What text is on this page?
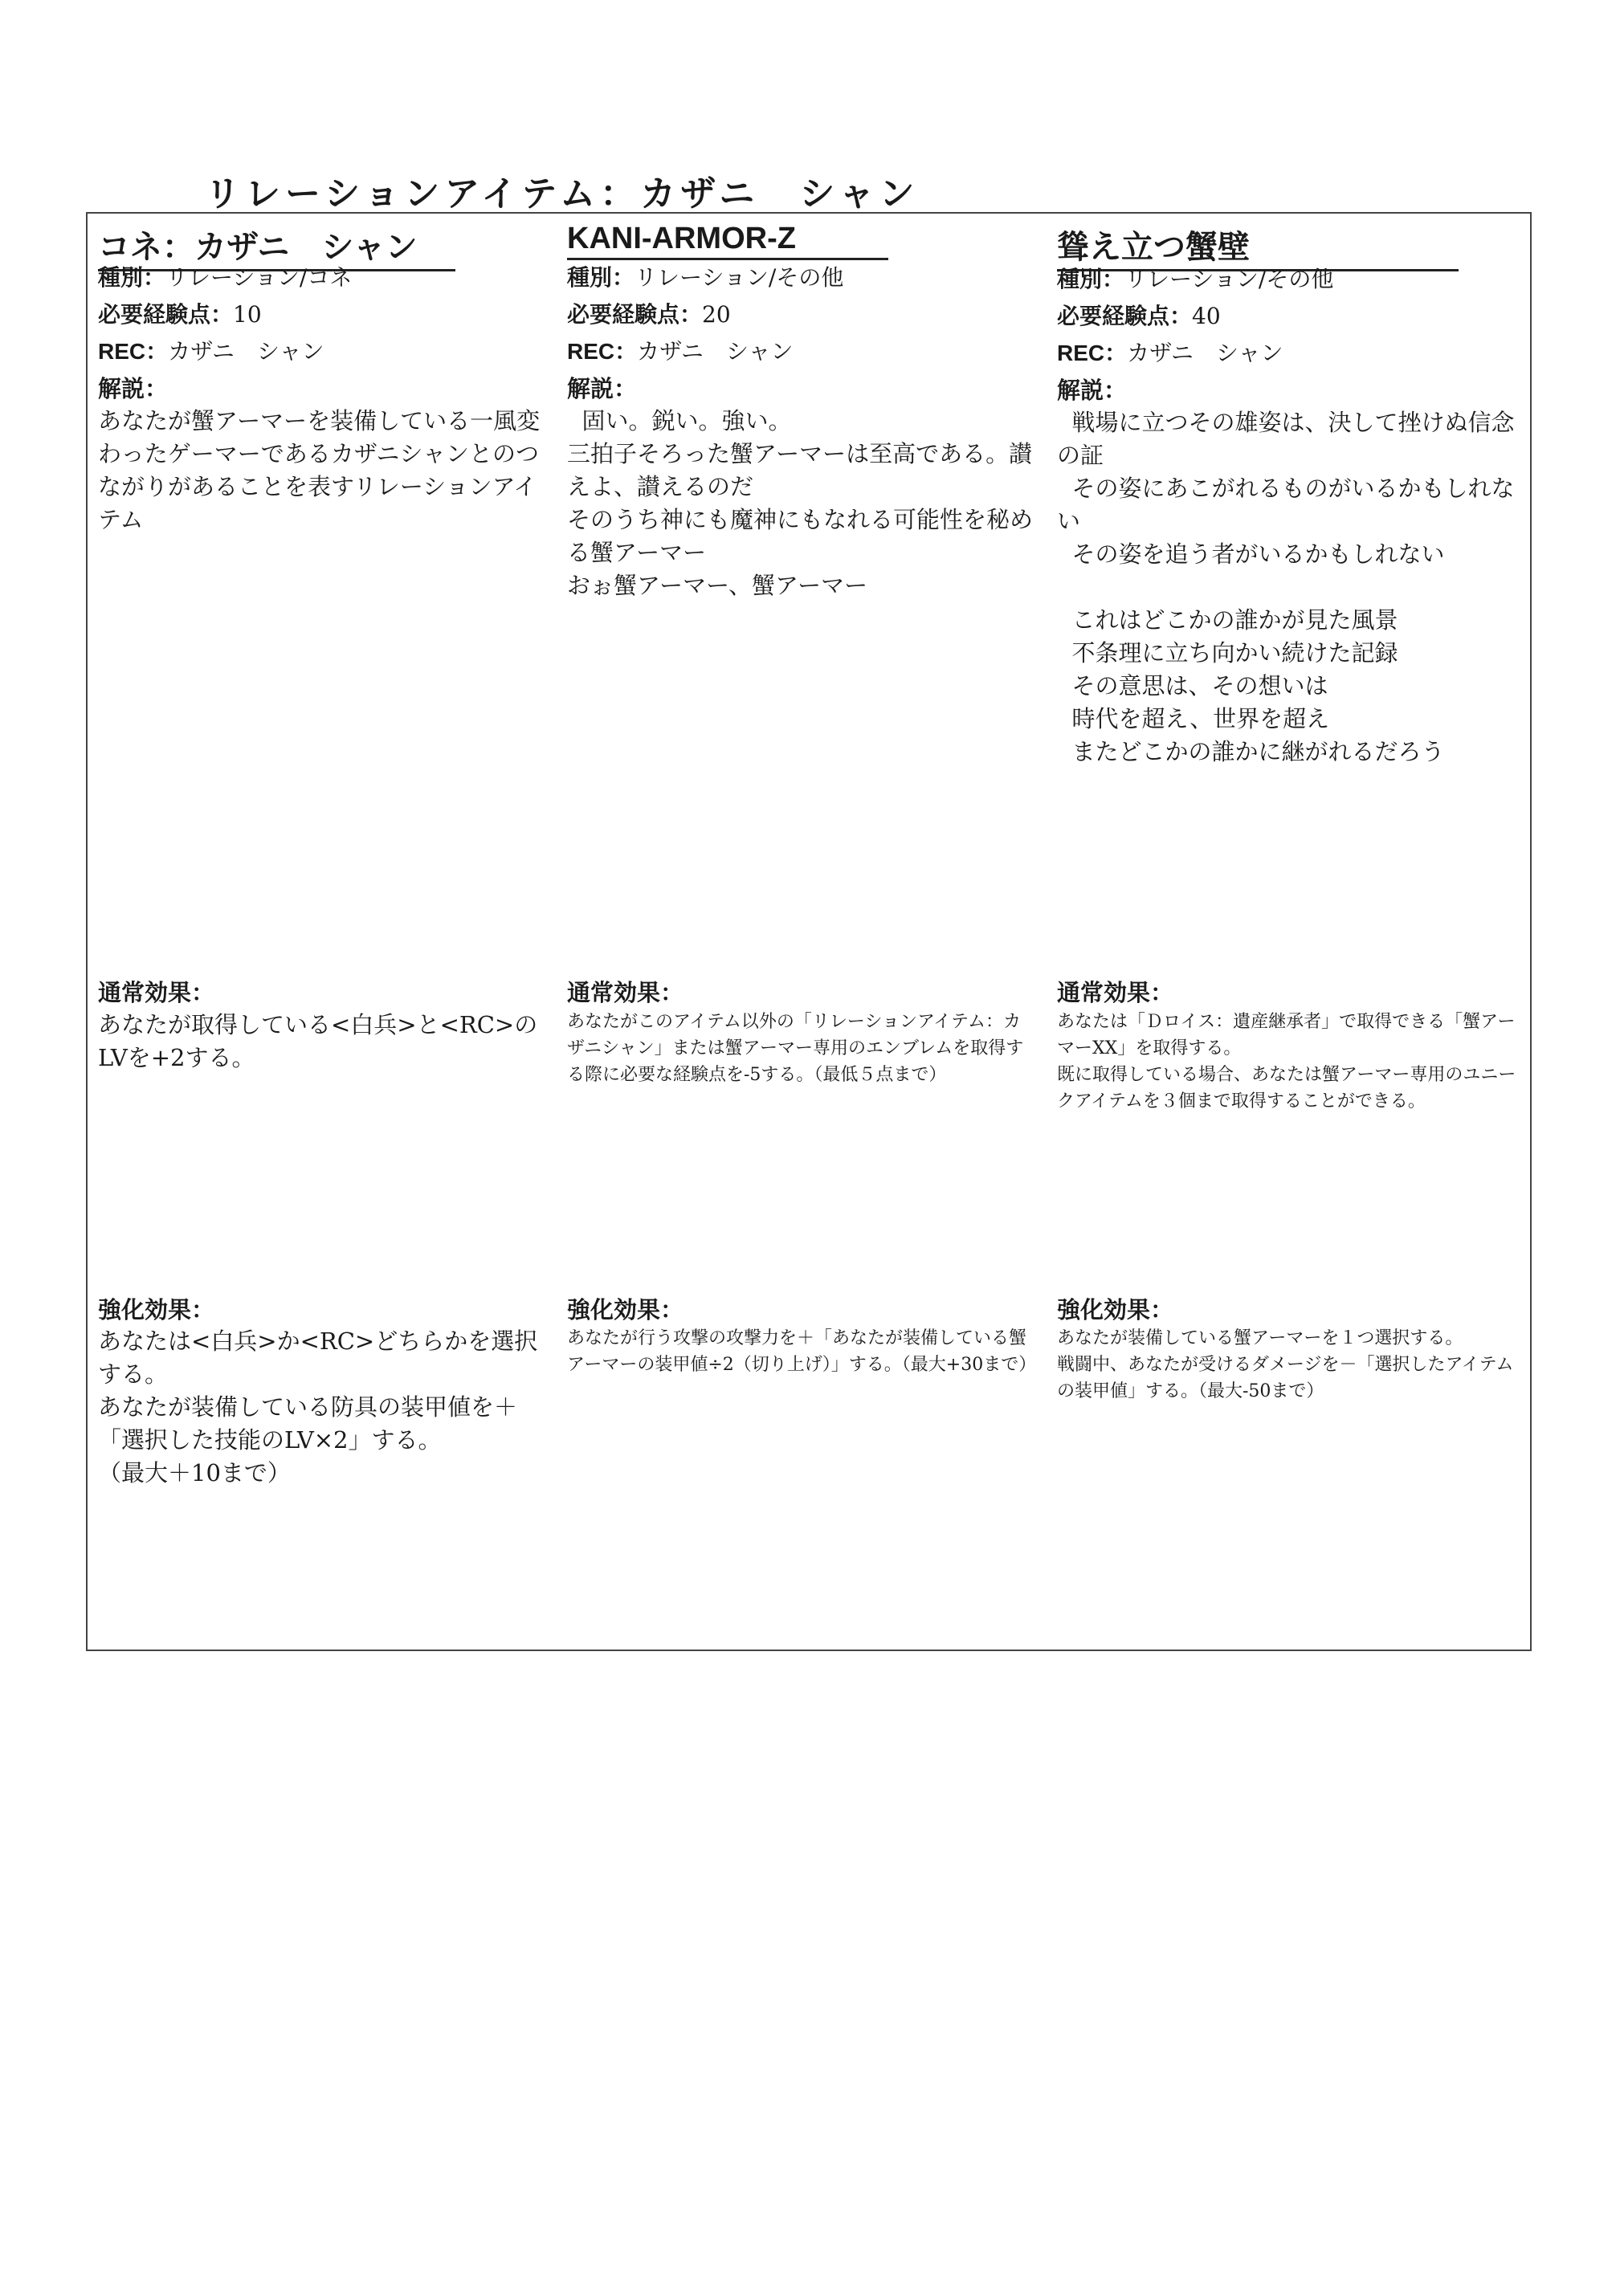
リレーションアイテム：カザニ　シャン
コネ：カザニ　シャン
種別：リレーション/コネ
必要経験点：10
REC：カザニ　シャン
解説：

あなたが蟹アーマーを装備している一風変わったゲーマーであるカザニシャンとのつながりがあることを表すリレーションアイテム

通常効果：

あなたが取得している<白兵>と<RC>のLVを+2する。

強化効果：

あなたは<白兵>か<RC>どちらかを選択する。
あなたが装備している防具の装甲値を＋「選択した技能のLV×2」する。
（最大＋10まで）

KANI-ARMOR-Z
種別：リレーション/その他
必要経験点：20
REC：カザニ　シャン
解説：

固い。鋭い。強い。
三拍子そろった蟹アーマーは至高である。讃えよ、讃えるのだ
そのうち神にも魔神にもなれる可能性を秘める蟹アーマー
おぉ蟹アーマー、蟹アーマー

通常効果：

あなたがこのアイテム以外の「リレーションアイテム：カザニシャン」または蟹アーマー専用のエンブレムを取得する際に必要な経験点を-5する。（最低５点まで）

強化効果：

あなたが行う攻撃の攻撃力を＋「あなたが装備している蟹アーマーの装甲値÷2（切り上げ）」する。（最大+30まで）

聳え立つ蟹壁
種別：リレーション/その他
必要経験点：40
REC：カザニ　シャン
解説：

戦場に立つその雄姿は、決して挫けぬ信念の証
その姿にあこがれるものがいるかもしれない
その姿を追う者がいるかもしれない

これはどこかの誰かが見た風景
不条理に立ち向かい続けた記録
その意思は、その想いは
時代を超え、世界を超え
またどこかの誰かに継がれるだろう

通常効果：

あなたは「Ｄロイス：遺産継承者」で取得できる「蟹アーマーXX」を取得する。
既に取得している場合、あなたは蟹アーマー専用のユニークアイテムを３個まで取得することができる。

強化効果：

あなたが装備している蟹アーマーを１つ選択する。
戦闘中、あなたが受けるダメージを－「選択したアイテムの装甲値」する。（最大-50まで）
